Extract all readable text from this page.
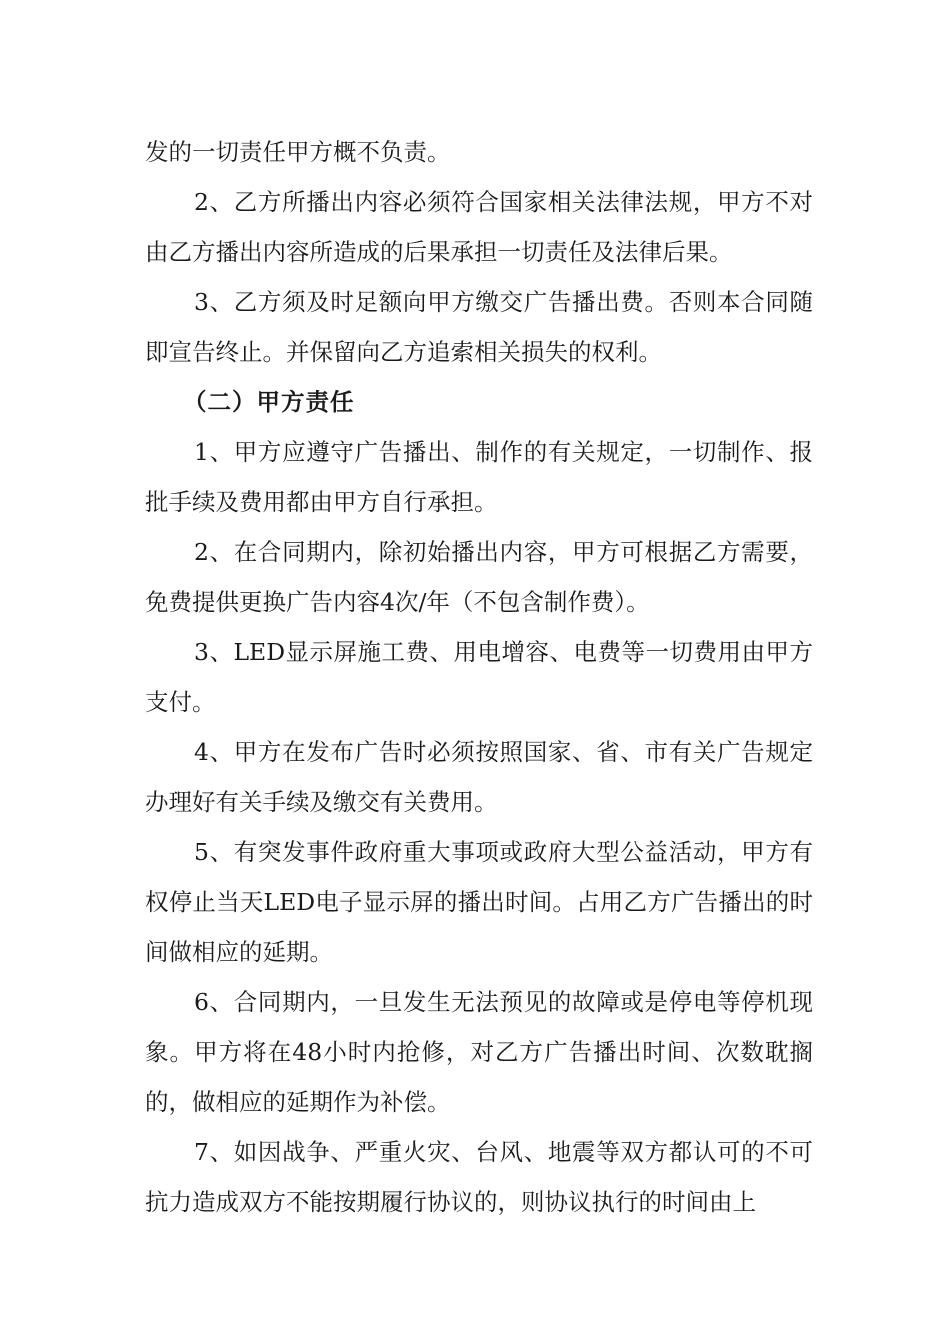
发的一切责任甲方概不负责。

2、乙方所播出内容必须符合国家相关法律法规，甲方不对由乙方播出内容所造成的后果承担一切责任及法律后果。

3、乙方须及时足额向甲方缴交广告播出费。否则本合同随即宣告终止。并保留向乙方追索相关损失的权利。

（二）甲方责任

1、甲方应遵守广告播出、制作的有关规定，一切制作、报批手续及费用都由甲方自行承担。

2、在合同期内，除初始播出内容，甲方可根据乙方需要，免费提供更换广告内容4次/年（不包含制作费）。

3、LED显示屏施工费、用电增容、电费等一切费用由甲方支付。

4、甲方在发布广告时必须按照国家、省、市有关广告规定办理好有关手续及缴交有关费用。

5、有突发事件政府重大事项或政府大型公益活动，甲方有权停止当天LED电子显示屏的播出时间。占用乙方广告播出的时间做相应的延期。

6、合同期内，一旦发生无法预见的故障或是停电等停机现象。甲方将在48小时内抢修，对乙方广告播出时间、次数耽搁的，做相应的延期作为补偿。

7、如因战争、严重火灾、台风、地震等双方都认可的不可抗力造成双方不能按期履行协议的，则协议执行的时间由上
